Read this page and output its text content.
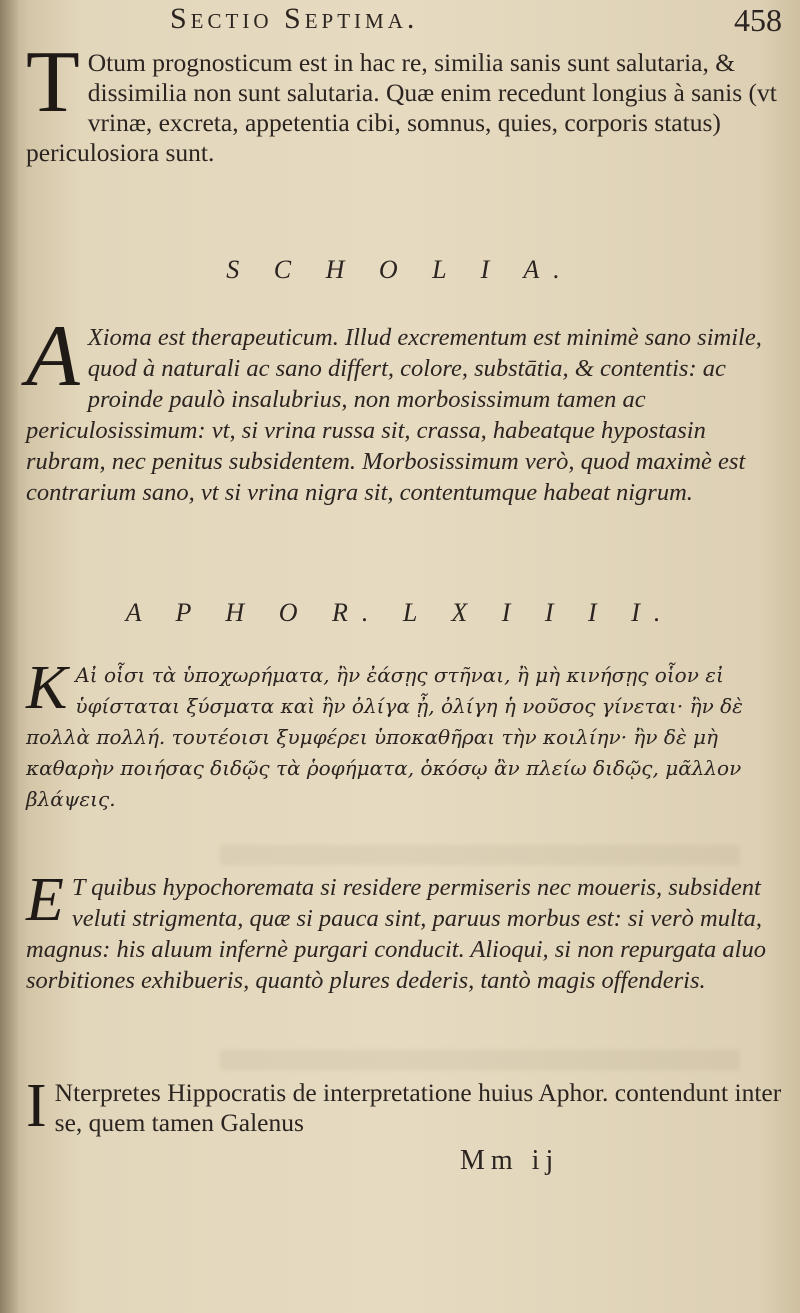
Sectio Septima.	458
T Otum prognosticum est in hac re, similia sanis sunt salutaria, & dissimilia non sunt salutaria. Quæ enim recedunt longius à sanis (vt vrinæ, excreta, appetentia cibi, somnus, quies, corporis status) periculosiora sunt.
S C H O L I A.
A Xioma est therapeuticum. Illud excrementum est minimè sano simile, quod à naturali ac sano differt, colore, substātia, & contentis: ac proinde paulò insalubrius, non morbosissimum tamen ac periculosissimum: vt, si vrina russa sit, crassa, habeatque hypostasin rubram, nec penitus subsidentem. Morbosissimum verò, quod maximè est contrarium sano, vt si vrina nigra sit, contentumque habeat nigrum.
A P H O R. L X I I I I.
K Αἰ οἷσι τὰ ὑποχωρήματα, ἢν ἐάσῃς στῆναι, ἢ μὴ κινήσῃς οἷον εἰ ὑφίσταται ξύσματα καὶ ἢν ὀλίγα ᾖ, ὀλίγη ἡ νοῦσος γίνεται· ἢν δὲ πολλὰ πολλή. τουτέοισι ξυμφέρει ὑποκαθῆραι τὴν κοιλίην· ἢν δὲ μὴ καθαρὴν ποιήσας διδῷς τὰ ῥοφήματα, ὁκόσῳ ἂν πλείω διδῷς, μᾶλλον βλάψεις.
E T quibus hypochoremata si residere permiseris nec moueris, subsident veluti strigmenta, quæ si pauca sint, paruus morbus est: si verò multa, magnus: his aluum infernè purgari conducit. Alioqui, si non repurgata aluo sorbitiones exhibueris, quantò plures dederis, tantò magis offenderis.
I Nterpretes Hippocratis de interpretatione huius Aphor. contendunt inter se, quem tamen Galenus
Mm ij
